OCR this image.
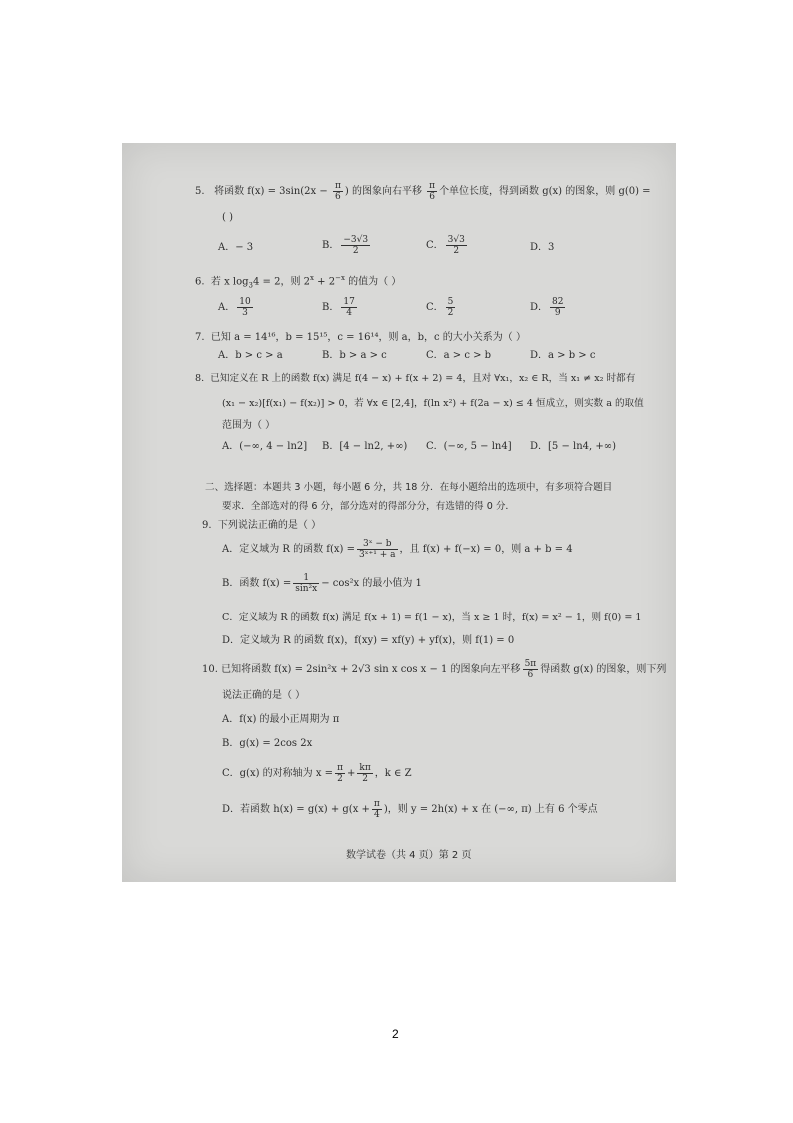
5. 将函数 $f(x) = 3\sin(2x - \frac{\pi}{6}$ ) 的图象向右平移 $\frac{\pi}{6}$ 个单位长度，得到函数 g(x) 的图象，则 g(0) =
( )
A．− 3	B． $\frac{-3√3}{2}$	C． $\frac{3√3}{2}$	D．3
6. 若 x $\log_34 = 2$，则 $2^x + 2^{-x}$ 的值为（ ）
A． $\frac{10}{3}$	B． $\frac{17}{4}$	C． $\frac{5}{2}$	D． $\frac{82}{9}$
7. 已知 a = 14¹⁶，b = 15¹⁵，c = 16¹⁴，则 a，b，c 的大小关系为（ ）
A．b > c > a	B．b > a > c	C．a > c > b	D．a > b > c
8. 已知定义在 R 上的函数 f(x) 满足 f(4 − x) + f(x + 2) = 4，且对 ∀x₁，x₂ ∈ R，当 x₁ ≠ x₂ 时都有
(x₁ − x₂)[f(x₁) − f(x₂)] > 0，若 ∀x ∈ [2,4]，f(ln x²) + f(2a − x) ≤ 4 恒成立，则实数 a 的取值
范围为（ ）
A．(−∞, 4 − ln2] B．[4 − ln2, +∞) C．(−∞, 5 − ln4] D．[5 − ln4, +∞)
二、选择题：本题共 3 小题，每小题 6 分，共 18 分．在每小题给出的选项中，有多项符合题目
要求．全部选对的得 6 分，部分选对的得部分分，有选错的得 0 分．
9. 下列说法正确的是（ ）
A．定义域为 R 的函数 $f(x) = \frac{\text{3ˣ − b}}{\text{3ˣ⁺¹ + a}}$ ，且 f(x) + f(−x) = 0，则 a + b = 4
B．函数 $f(x) = \frac{1}{\text{sin²x}} - \cos^2x$ 的最小值为 1
C．定义域为 R 的函数 f(x) 满足 f(x + 1) = f(1 − x)，当 x ≥ 1 时，f(x) = x² − 1，则 f(0) = 1
D．定义域为 R 的函数 f(x)，f(xy) = xf(y) + yf(x)，则 f(1) = 0
10. 已知将函数 f(x) = 2sin²x + 2√3 sin x cos x − 1 的图象向左平移 $\frac{5\pi}{6}$ 得函数 g(x) 的图象，则下列
说法正确的是（ ）
A．f(x) 的最小正周期为 π
B．g(x) = 2cos 2x
C．g(x) 的对称轴为 $x = \frac{\pi}{2} + \frac{k\pi}{2}$ ，k ∈ Z
D．若函数 $h(x) = g(x) + g(x + \frac{\pi}{4}$ )，则 y = 2h(x) + x 在 (−∞, π) 上有 6 个零点
数学试卷（共 4 页）第 2 页
2
